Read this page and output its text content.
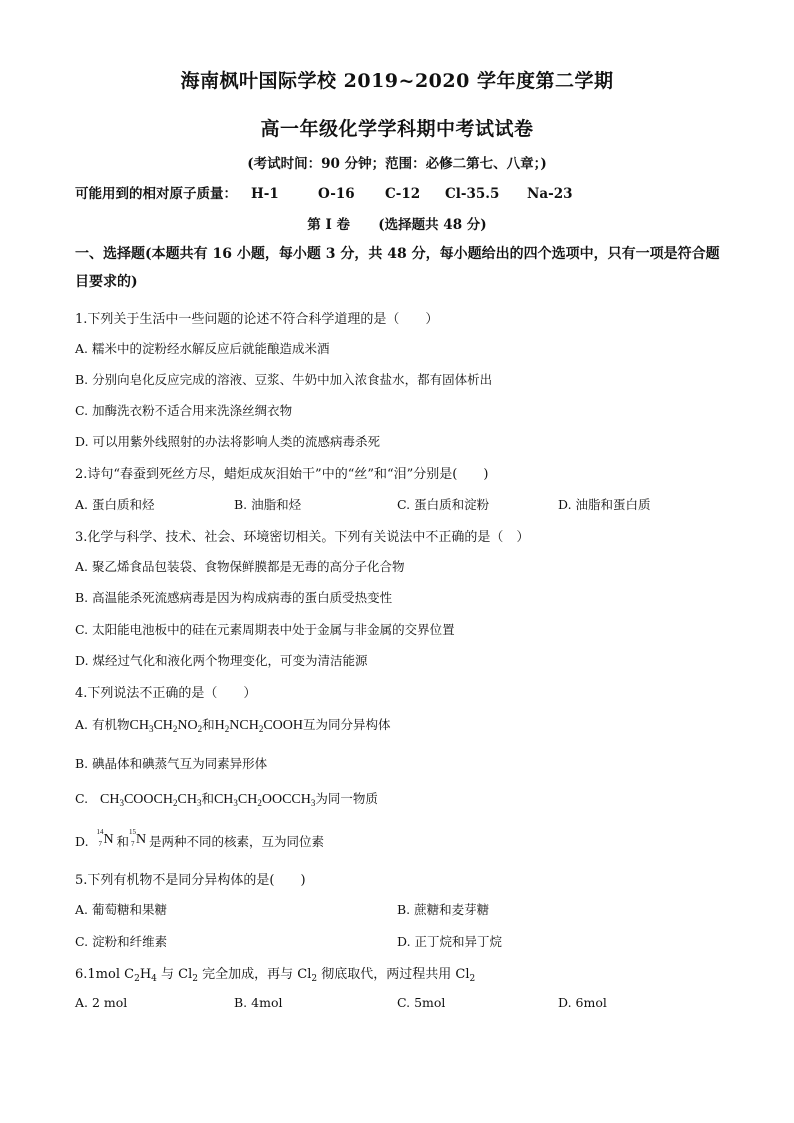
海南枫叶国际学校 2019~2020 学年度第二学期
高一年级化学学科期中考试试卷
(考试时间：90 分钟；范围：必修二第七、八章；)
可能用到的相对原子质量： H-1	O-16 C-12 Cl-35.5 Na-23
第 I 卷      (选择题共 48 分)
一、选择题(本题共有 16 小题，每小题 3 分，共 48 分，每小题给出的四个选项中，只有一项是符合题目要求的)
1.下列关于生活中一些问题的论述不符合科学道理的是（　　）
A. 糯米中的淀粉经水解反应后就能酿造成米酒
B. 分别向皂化反应完成的溶液、豆浆、牛奶中加入浓食盐水，都有固体析出
C. 加酶洗衣粉不适合用来洗涤丝绸衣物
D. 可以用紫外线照射的办法将影响人类的流感病毒杀死
2.诗句“春蚕到死丝方尽，蜡炬成灰泪始干”中的“丝”和“泪”分别是(　　)
A. 蛋白质和烃	B. 油脂和烃	C. 蛋白质和淀粉	D. 油脂和蛋白质
3.化学与科学、技术、社会、环境密切相关。下列有关说法中不正确的是（　）
A. 聚乙烯食品包装袋、食物保鲜膜都是无毒的高分子化合物
B. 高温能杀死流感病毒是因为构成病毒的蛋白质受热变性
C. 太阳能电池板中的硅在元素周期表中处于金属与非金属的交界位置
D. 煤经过气化和液化两个物理变化，可变为清洁能源
4.下列说法不正确的是（　　）
A. 有机物$CH_3CH_2NO_2$和$H_2NCH_2COOH$互为同分异构体
B. 碘晶体和碘蒸气互为同素异形体
C. $CH_3COOCH_2CH_3$和$CH_3CH_2OOCCH_3$为同一物质
D.
14
7 N 和
15
7 N 是两种不同的核素，互为同位素
5.下列有机物不是同分异构体的是(　　)
A. 葡萄糖和果糖	B. 蔗糖和麦芽糖
C. 淀粉和纤维素	D. 正丁烷和异丁烷
6.1mol $C_2H_4$ 与 $Cl_2$ 完全加成，再与 $Cl_2$ 彻底取代，两过程共用 $Cl_2$
A. 2 mol	B. 4mol	C. 5mol	D. 6mol
